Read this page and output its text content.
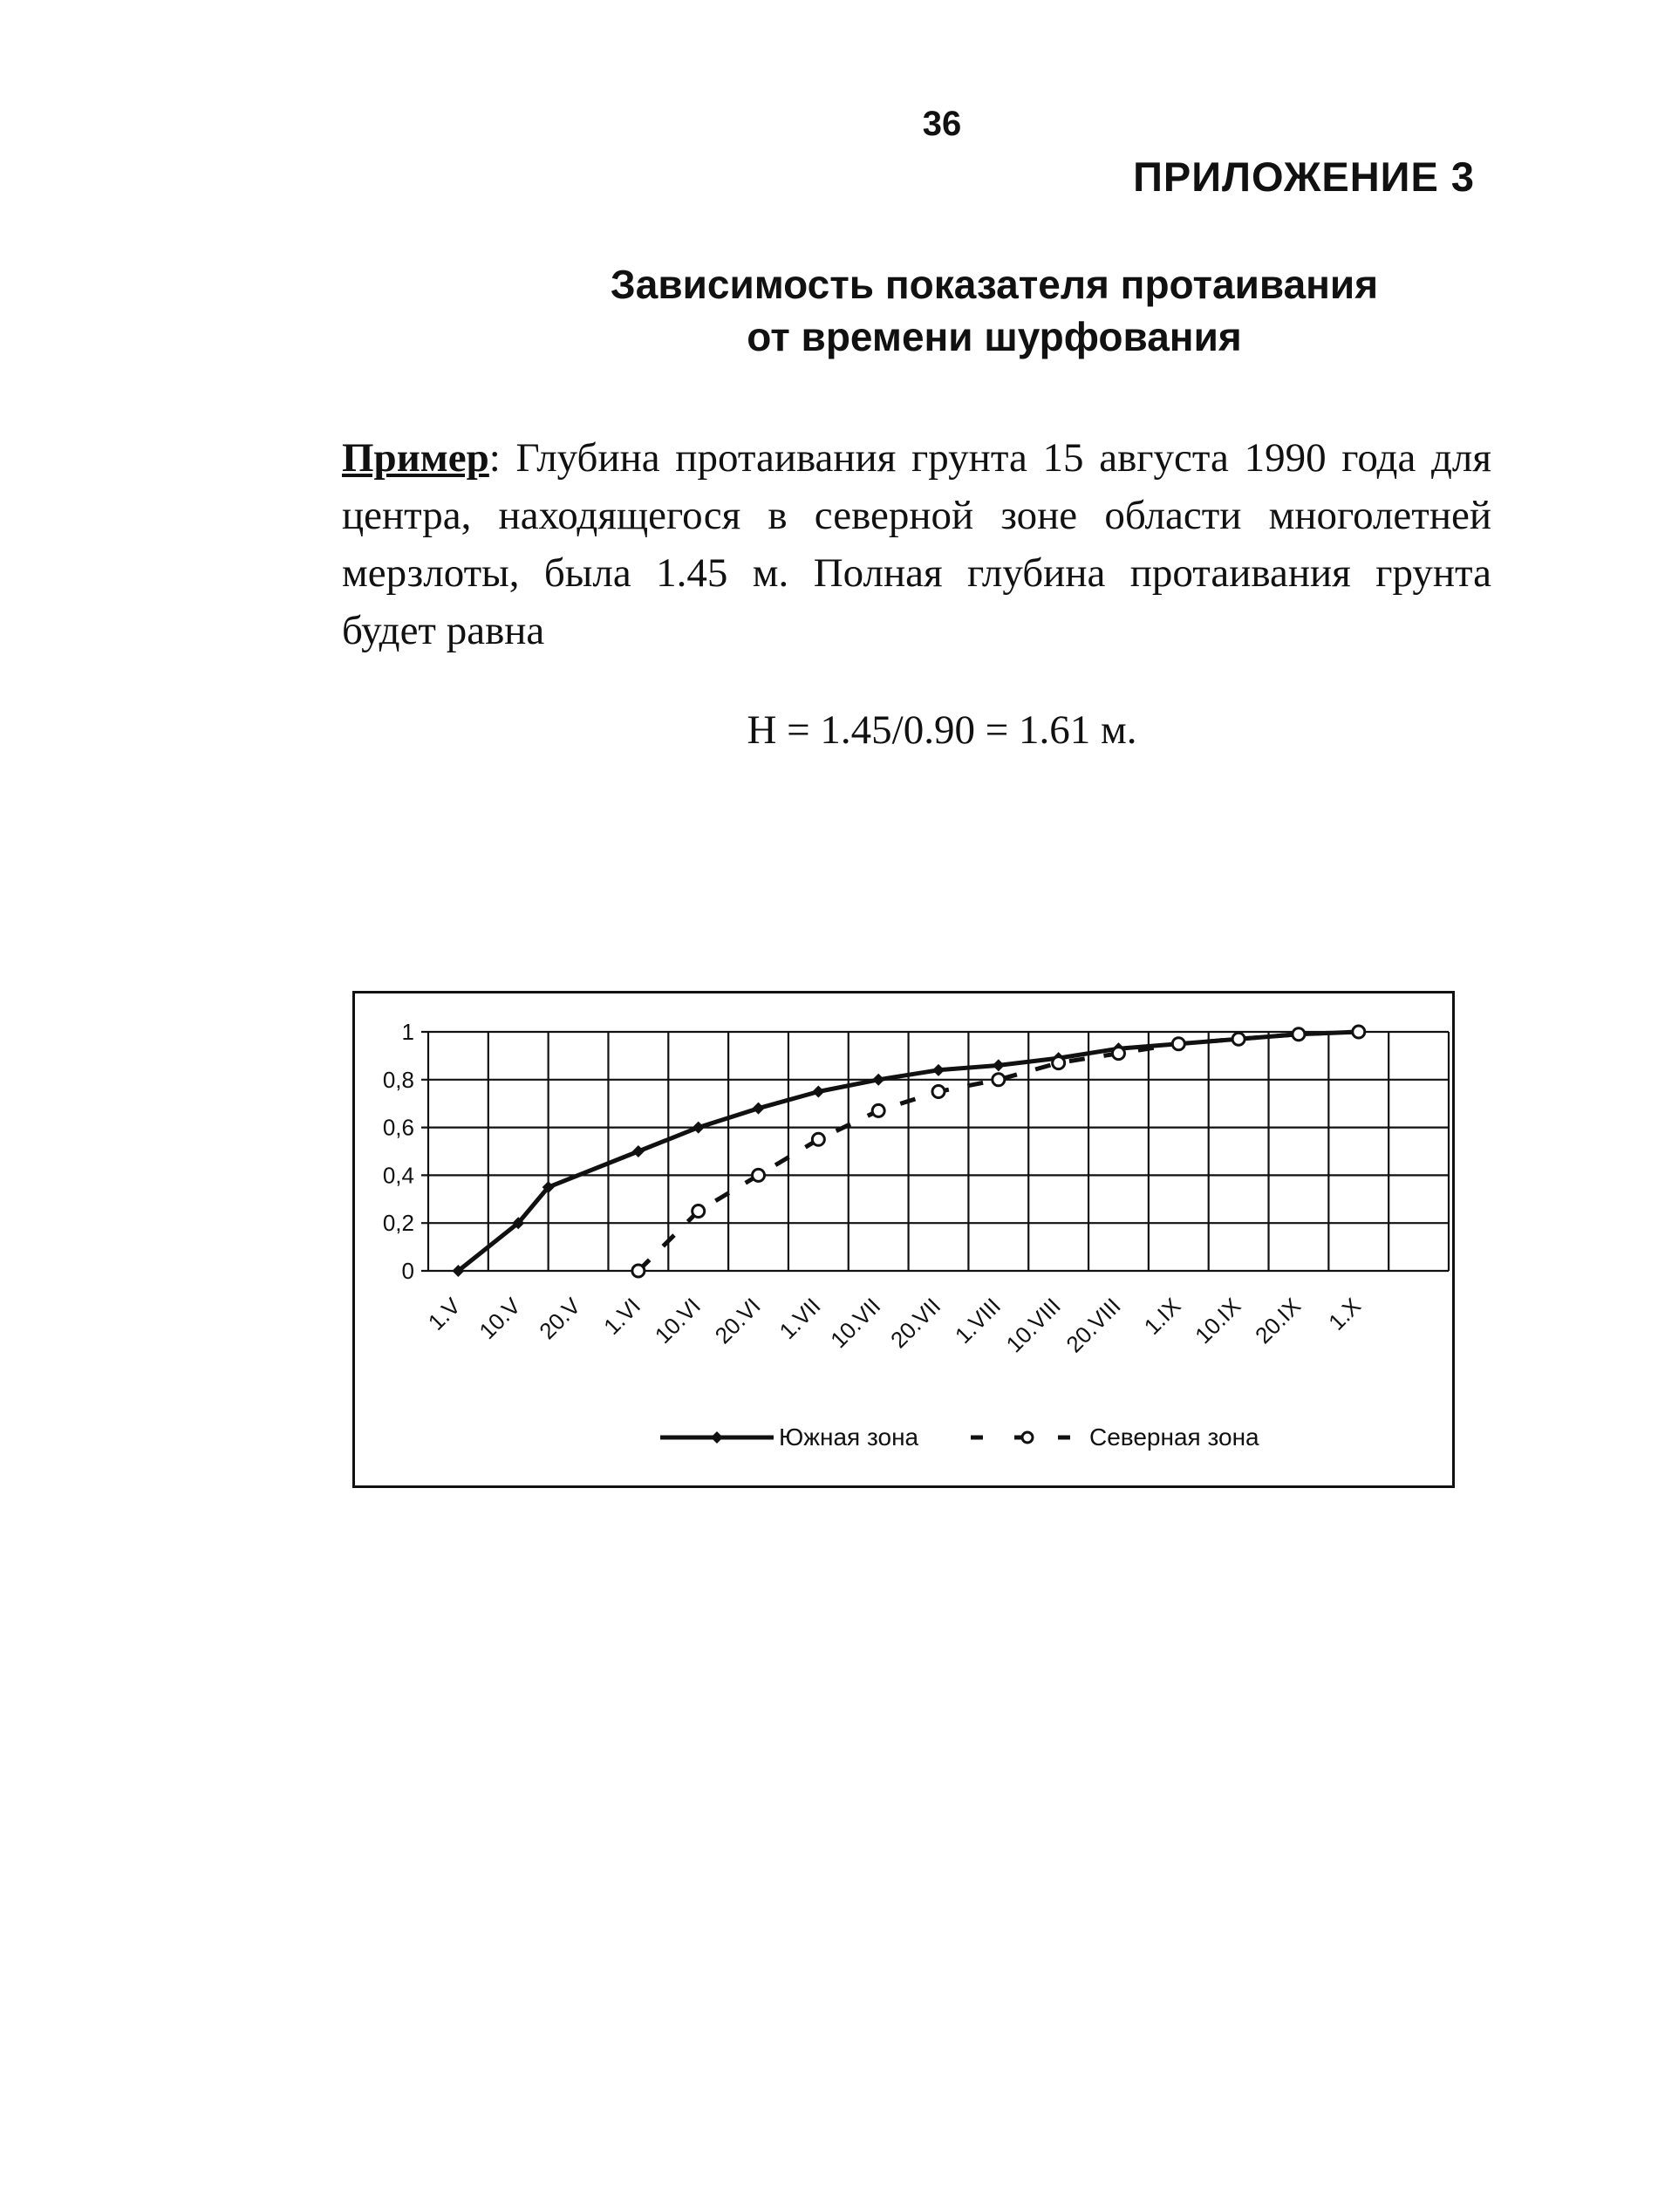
36
ПРИЛОЖЕНИЕ 3
Зависимость показателя протаивания
от времени шурфования
Пример: Глубина протаивания грунта 15 августа 1990 года для центра, находящегося в северной зоне области многолетней мерзлоты, была 1.45 м. Полная глубина протаивания грунта будет равна
Н = 1.45/0.90 = 1.61 м.
0
0,2
0,4
0,6
0,8
1
1.V 10.V 20.V 1.VI 10.VI 20.VI 1.VII 10.VII 20.VII 1.VIII
10.VIII
20.VIII 1.IX 10.IX 20.IX 1.X
Южная зона	Северная зона
